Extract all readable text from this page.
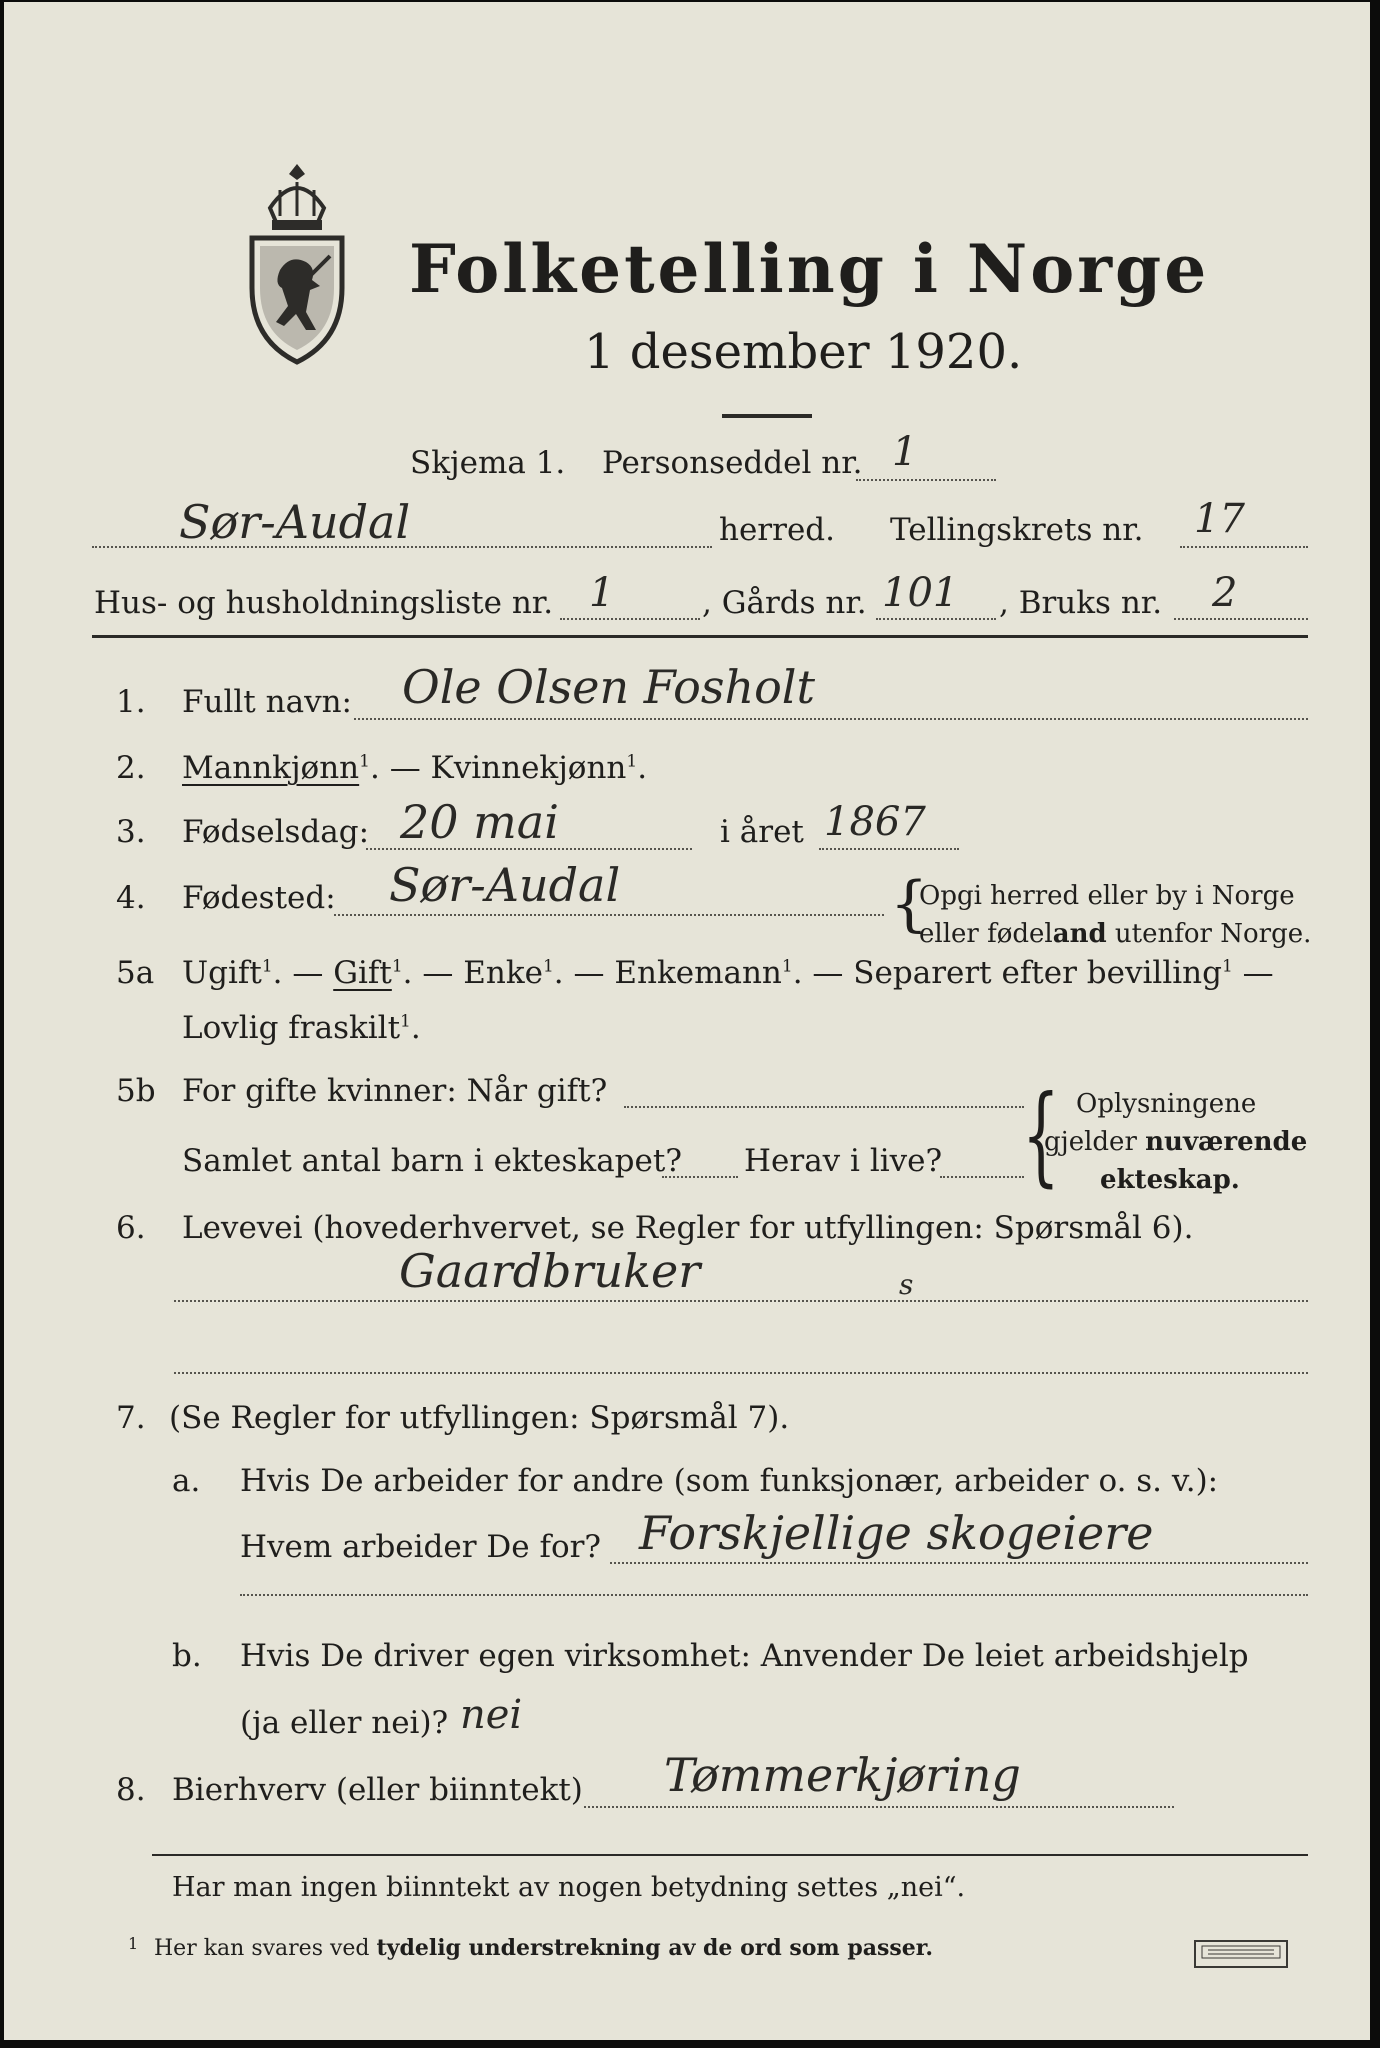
Folketelling i Norge
1 desember 1920.
Skjema 1. Personseddel nr. 1
Sør-Audal	herred. Tellingskrets nr. 17
Hus- og husholdningsliste nr. 1	, Gårds nr. 101 , Bruks nr. 2
1. Fullt navn: Ole Olsen Fosholt
2. Mannkjønn$^1$. — Kvinnekjønn$^1$.
3. Fødselsdag: 20 mai	i året 1867
4. Fødested: Sør-Audal	{
Opgi herred eller by i Norge
eller fødeland utenfor Norge.
5a Ugift$^1$. — Gift$^1$. — Enke$^1$. — Enkemann$^1$. — Separert efter bevilling$^1$ —
Lovlig fraskilt$^1$.
5b For gifte kvinner: Når gift?
Samlet antal barn i ekteskapet? Herav i live? { Oplysningene
gjelder nuværende
ekteskap.
6. Levevei (hovederhvervet, se Regler for utfyllingen: Spørsmål 6).
Gaardbruker	s
7. (Se Regler for utfyllingen: Spørsmål 7).
a. Hvis De arbeider for andre (som funksjonær, arbeider o. s. v.):
Hvem arbeider De for? Forskjellige skogeiere
b. Hvis De driver egen virksomhet: Anvender De leiet arbeidshjelp
(ja eller nei)? nei
8. Bierhverv (eller biinntekt) Tømmerkjøring
Har man ingen biinntekt av nogen betydning settes „nei“.
1 Her kan svares ved tydelig understrekning av de ord som passer.
